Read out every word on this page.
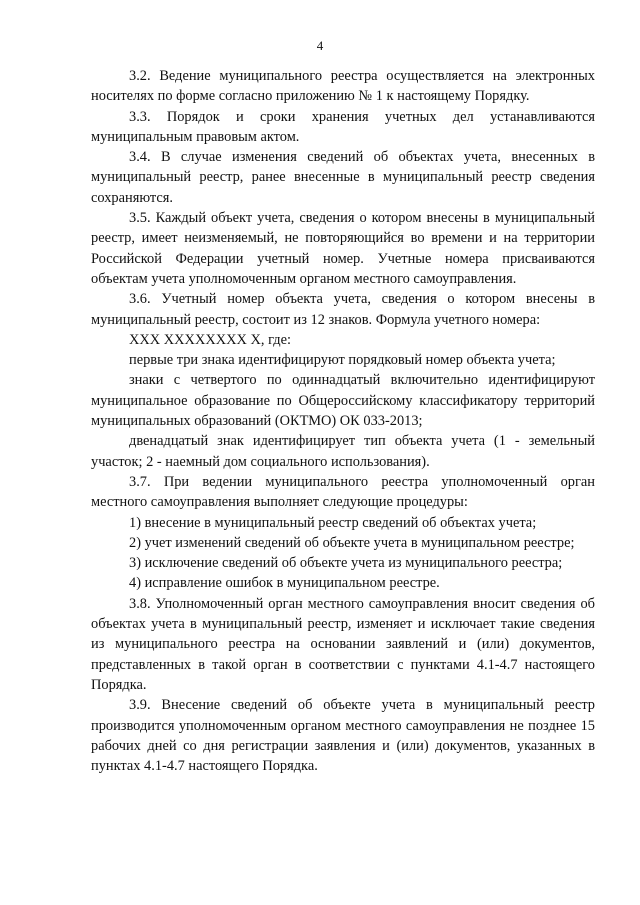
4

3.2. Ведение муниципального реестра осуществляется на электронных носителях по форме согласно приложению № 1 к настоящему Порядку.

3.3. Порядок и сроки хранения учетных дел устанавливаются муниципальным правовым актом.

3.4. В случае изменения сведений об объектах учета, внесенных в муниципальный реестр, ранее внесенные в муниципальный реестр сведения сохраняются.

3.5. Каждый объект учета, сведения о котором внесены в муниципальный реестр, имеет неизменяемый, не повторяющийся во времени и на территории Российской Федерации учетный номер. Учетные номера присваиваются объектам учета уполномоченным органом местного самоуправления.

3.6. Учетный номер объекта учета, сведения о котором внесены в муниципальный реестр, состоит из 12 знаков. Формула учетного номера:

XXX XXXXXXXX X, где:

первые три знака идентифицируют порядковый номер объекта учета;

знаки с четвертого по одиннадцатый включительно идентифицируют муниципальное образование по Общероссийскому классификатору территорий муниципальных образований (ОКТМО) ОК 033-2013;

двенадцатый знак идентифицирует тип объекта учета (1 - земельный участок; 2 - наемный дом социального использования).

3.7. При ведении муниципального реестра уполномоченный орган местного самоуправления выполняет следующие процедуры:

1) внесение в муниципальный реестр сведений об объектах учета;

2) учет изменений сведений об объекте учета в муниципальном реестре;

3) исключение сведений об объекте учета из муниципального реестра;

4) исправление ошибок в муниципальном реестре.

3.8. Уполномоченный орган местного самоуправления вносит сведения об объектах учета в муниципальный реестр, изменяет и исключает такие сведения из муниципального реестра на основании заявлений и (или) документов, представленных в такой орган в соответствии с пунктами 4.1-4.7 настоящего Порядка.

3.9. Внесение сведений об объекте учета в муниципальный реестр производится уполномоченным органом местного самоуправления не позднее 15 рабочих дней со дня регистрации заявления и (или) документов, указанных в пунктах 4.1-4.7 настоящего Порядка.
